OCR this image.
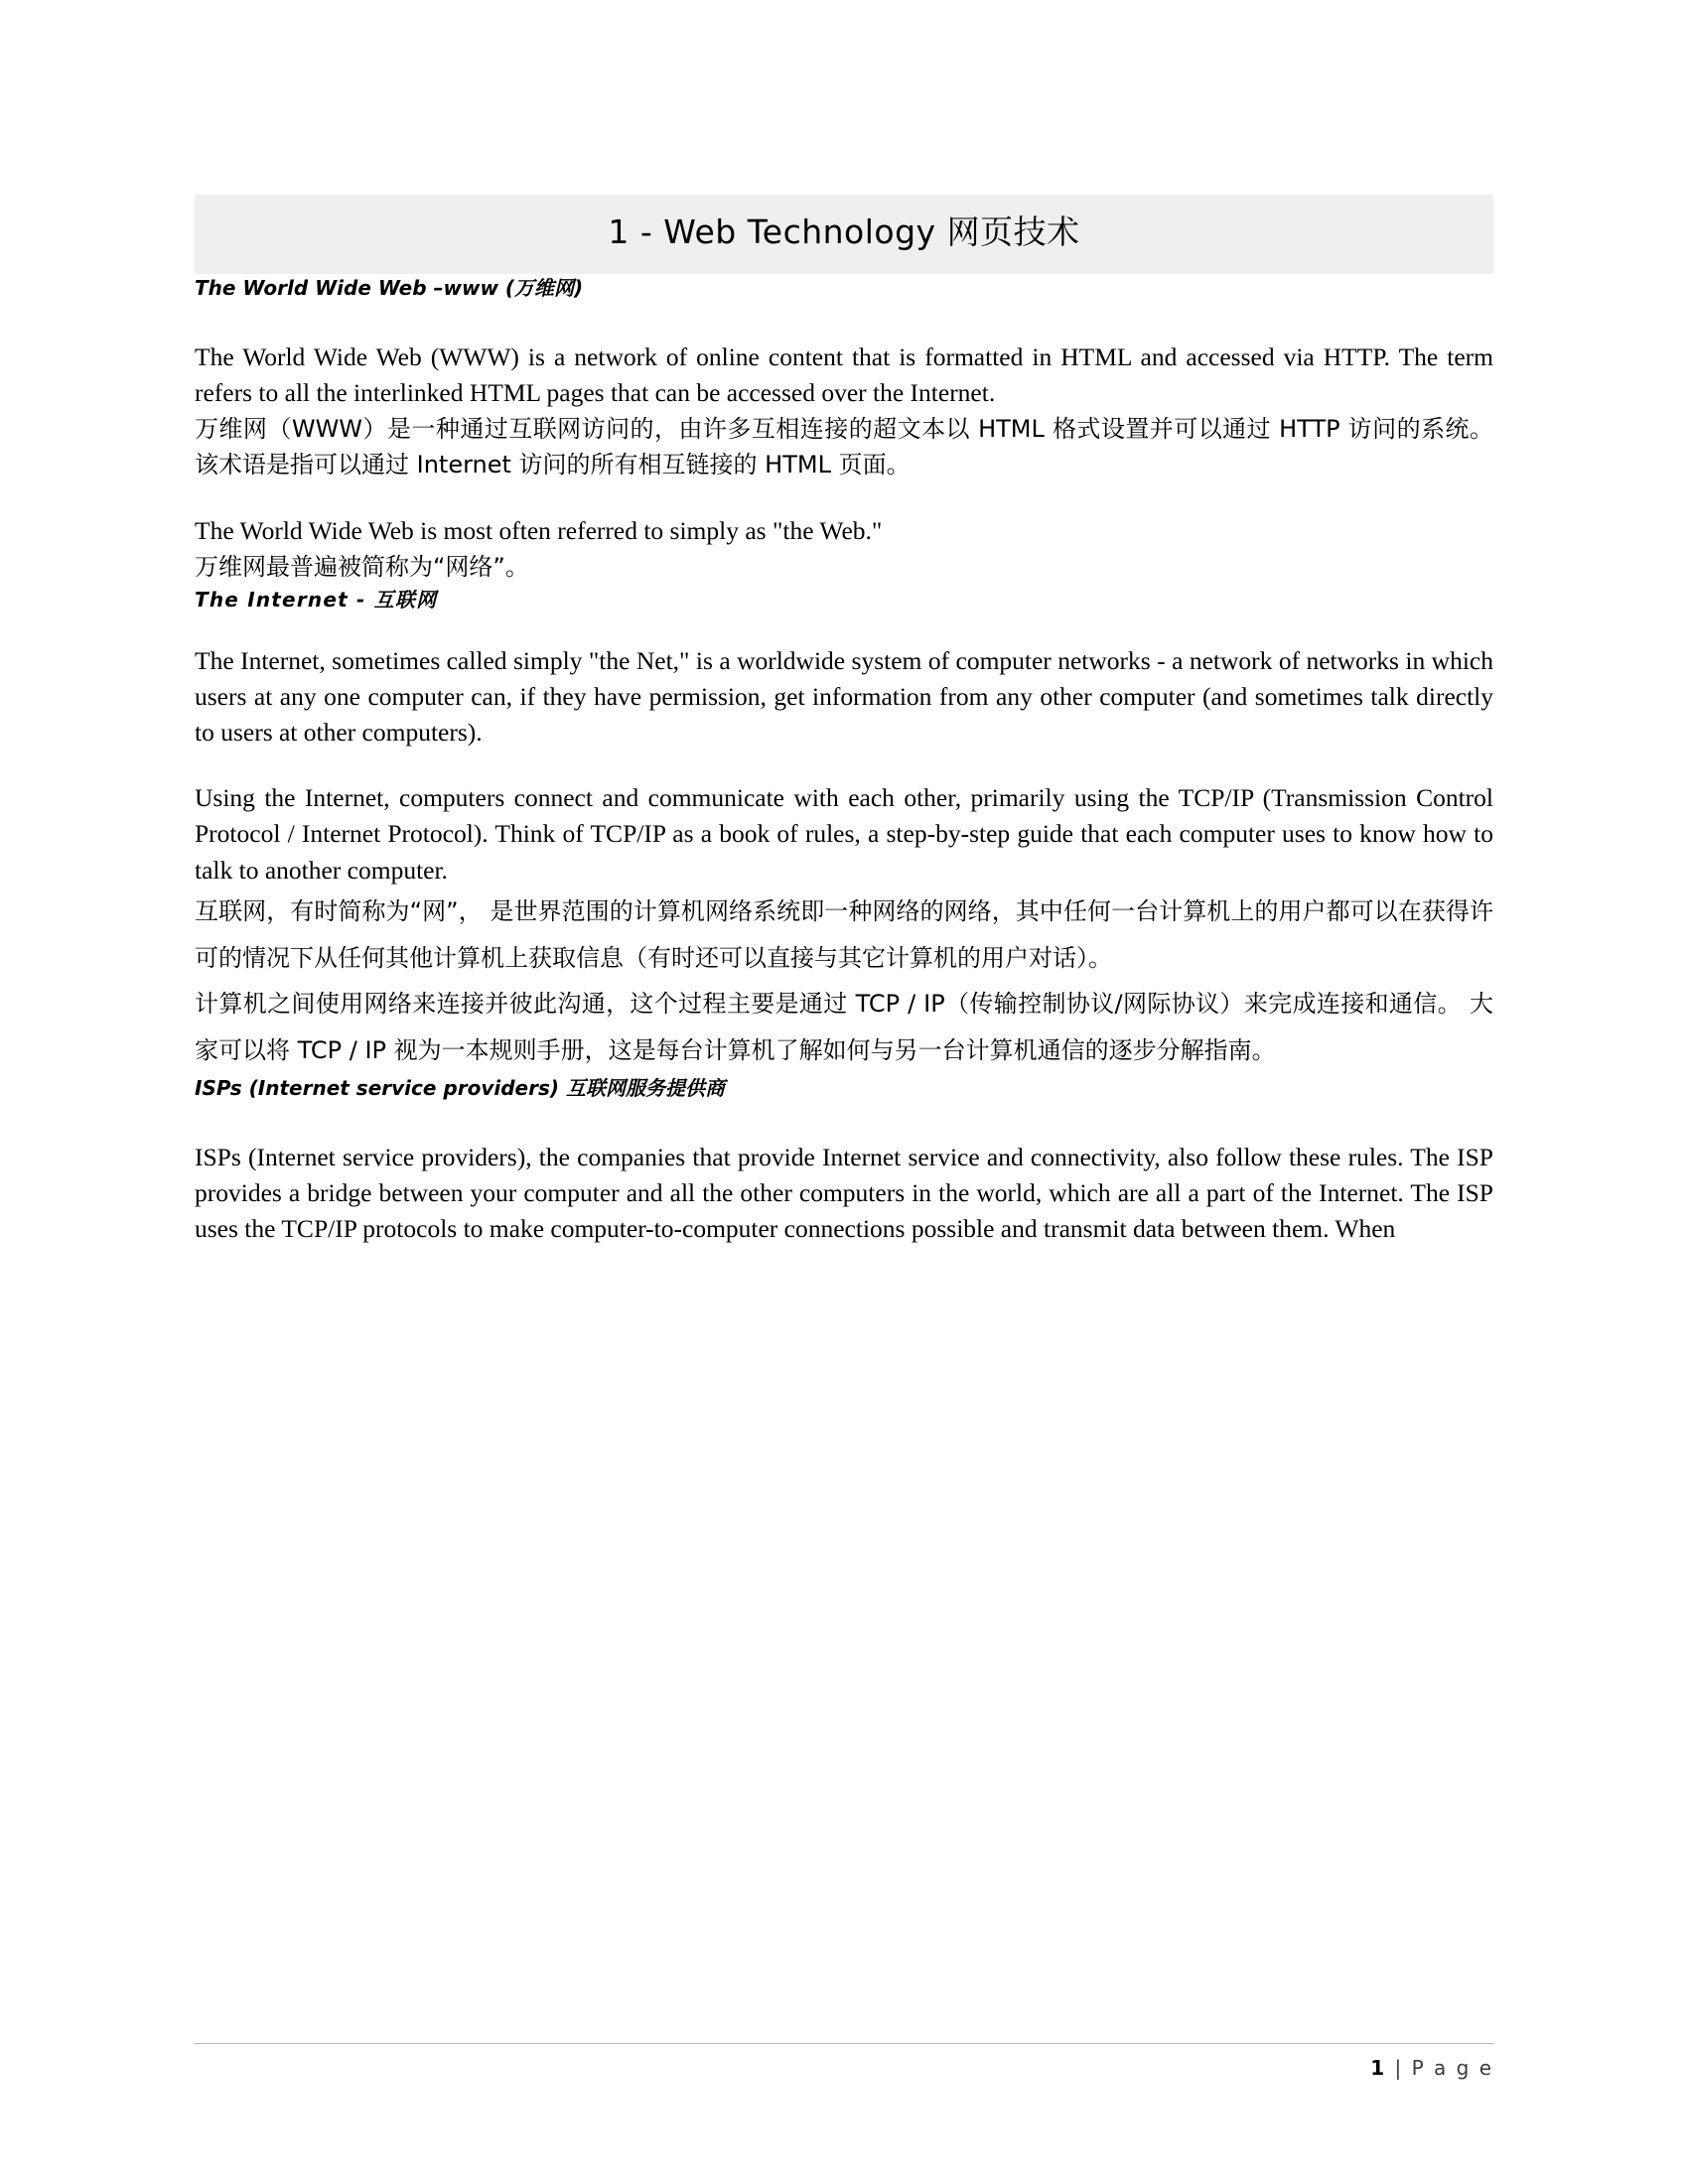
1 - Web Technology 网页技术
The World Wide Web –www (万维网)

The World Wide Web (WWW) is a network of online content that is formatted in HTML and accessed via HTTP. The term refers to all the interlinked HTML pages that can be accessed over the Internet.

万维网（WWW）是一种通过互联网访问的，由许多互相连接的超文本以 HTML 格式设置并可以通过 HTTP 访问的系统。 该术语是指可以通过 Internet 访问的所有相互链接的 HTML 页面。

The World Wide Web is most often referred to simply as "the Web."

万维网最普遍被简称为“网络”。

The Internet - 互联网

The Internet, sometimes called simply "the Net," is a worldwide system of computer networks - a network of networks in which users at any one computer can, if they have permission, get information from any other computer (and sometimes talk directly to users at other computers).

Using the Internet, computers connect and communicate with each other, primarily using the TCP/IP (Transmission Control Protocol / Internet Protocol). Think of TCP/IP as a book of rules, a step-by-step guide that each computer uses to know how to talk to another computer.

互联网，有时简称为“网”， 是世界范围的计算机网络系统即一种网络的网络，其中任何一台计算机上的用户都可以在获得许可的情况下从任何其他计算机上获取信息（有时还可以直接与其它计算机的用户对话）。

计算机之间使用网络来连接并彼此沟通，这个过程主要是通过 TCP / IP（传输控制协议/网际协议）来完成连接和通信。 大家可以将 TCP / IP 视为一本规则手册，这是每台计算机了解如何与另一台计算机通信的逐步分解指南。

ISPs (Internet service providers) 互联网服务提供商

ISPs (Internet service providers), the companies that provide Internet service and connectivity, also follow these rules. The ISP provides a bridge between your computer and all the other computers in the world, which are all a part of the Internet. The ISP uses the TCP/IP protocols to make computer-to-computer connections possible and transmit data between them. When

1 | P a g e
